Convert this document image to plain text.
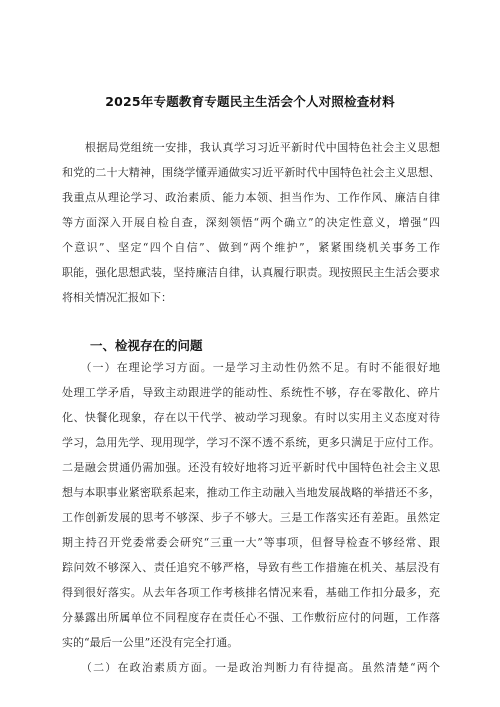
2025年专题教育专题民主生活会个人对照检查材料
　　根据局党组统一安排，我认真学习习近平新时代中国特色社会主义思想
和党的二十大精神，围绕学懂弄通做实习近平新时代中国特色社会主义思想、
我重点从理论学习、政治素质、能力本领、担当作为、工作作风、廉洁自律
等方面深入开展自检自查，深刻领悟“两个确立”的决定性意义，增强“四
个意识”、坚定“四个自信”、做到“两个维护”，紧紧围绕机关事务工作
职能，强化思想武装，坚持廉洁自律，认真履行职责。现按照民主生活会要求
将相关情况汇报如下：
一、检视存在的问题
　　（一）在理论学习方面。一是学习主动性仍然不足。有时不能很好地
处理工学矛盾，导致主动跟进学的能动性、系统性不够，存在零散化、碎片
化、快餐化现象，存在以干代学、被动学习现象。有时以实用主义态度对待
学习，急用先学、现用现学，学习不深不透不系统，更多只满足于应付工作。
二是融会贯通仍需加强。还没有较好地将习近平新时代中国特色社会主义思
想与本职事业紧密联系起来，推动工作主动融入当地发展战略的举措还不多，
工作创新发展的思考不够深、步子不够大。三是工作落实还有差距。虽然定
期主持召开党委常委会研究“三重一大”等事项，但督导检查不够经常、跟
踪问效不够深入、责任追究不够严格，导致有些工作措施在机关、基层没有
得到很好落实。从去年各项工作考核排名情况来看，基础工作扣分最多，充
分暴露出所属单位不同程度存在责任心不强、工作敷衍应付的问题，工作落
实的“最后一公里”还没有完全打通。
　　（二）在政治素质方面。一是政治判断力有待提高。虽然清楚“两个
